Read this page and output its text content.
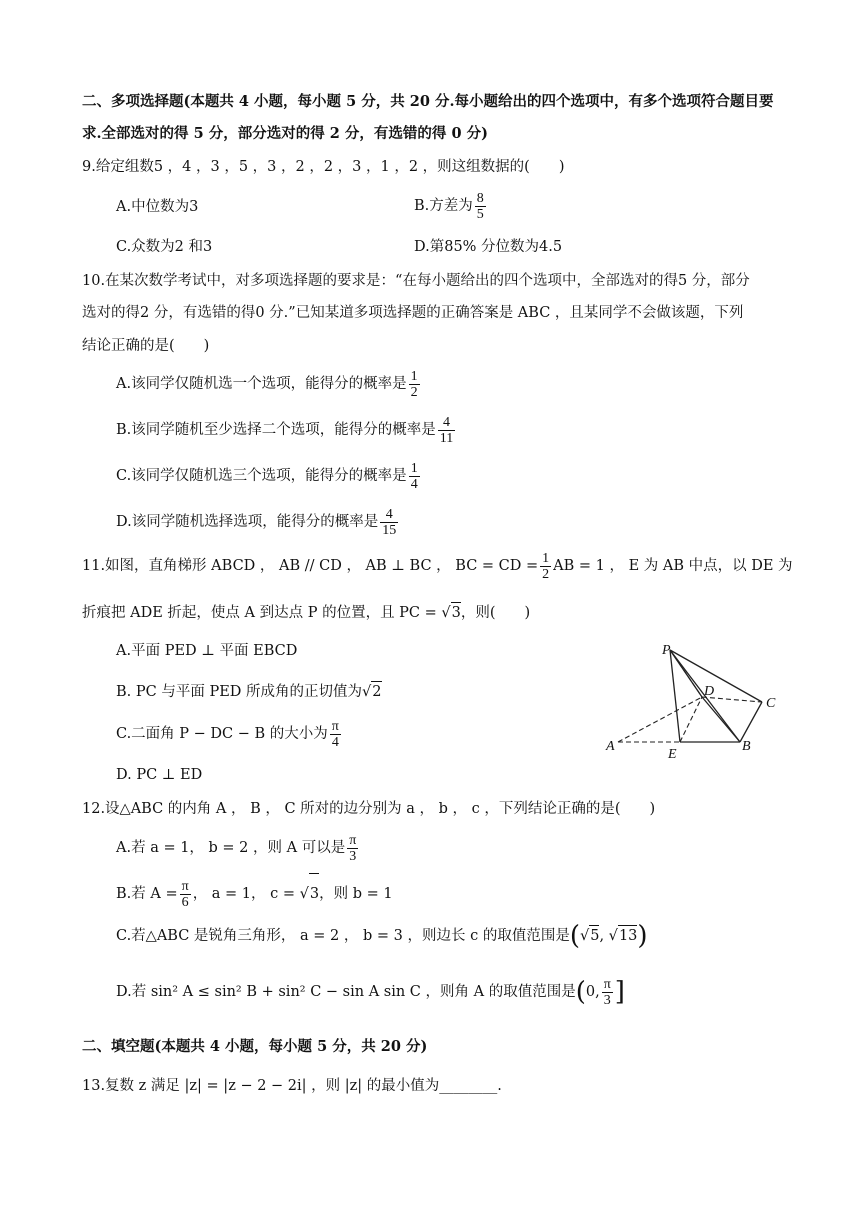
二、多项选择题(本题共 4 小题，每小题 5 分，共 20 分.每小题给出的四个选项中，有多个选项符合题目要
求.全部选对的得 5 分，部分选对的得 2 分，有选错的得 0 分)
9.给定组数5 ，4 ，3 ，5 ，3 ，2 ，2 ，3 ，1 ，2 ，则这组数据的(　　)
A.中位数为3	B.方差为 $\frac{8}{5}$
C.众数为2 和3	D.第85% 分位数为4.5
10.在某次数学考试中，对多项选择题的要求是：“在每小题给出的四个选项中，全部选对的得5 分，部分
选对的得2 分，有选错的得0 分.”已知某道多项选择题的正确答案是 ABC ，且某同学不会做该题，下列
结论正确的是(　　)
A.该同学仅随机选一个选项，能得分的概率是 $\frac{1}{2}$
B.该同学随机至少选择二个选项，能得分的概率是 $\frac{4}{11}$
C.该同学仅随机选三个选项，能得分的概率是 $\frac{1}{4}$
D.该同学随机选择选项，能得分的概率是 $\frac{4}{15}$
11.如图，直角梯形 ABCD ， AB // CD ， AB ⊥ BC ， BC = CD = $\frac{1}{2}$ AB = 1 ， E 为 AB 中点，以 DE 为
折痕把 ADE 折起，使点 A 到达点 P 的位置，且 PC = √3，则(　　)
A.平面 PED ⊥ 平面 EBCD
B. PC 与平面 PED 所成角的正切值为√2
C.二面角 P − DC − B 的大小为 $\frac{\pi}{4}$
D. PC ⊥ ED
P
D
C
A
E
B
12.设△ABC 的内角 A ， B ， C 所对的边分别为 a ， b ， c ，下列结论正确的是(　　)
A.若 a = 1， b = 2 ，则 A 可以是 $\frac{\pi}{3}$
B.若 $A = \frac{\pi}{6}$ ， a = 1， c = √3，则 b = 1
C.若△ABC 是锐角三角形， a = 2 ， b = 3 ，则边长 c 的取值范围是(√5, √13)
D.若 sin² A ≤ sin² B + sin² C − sin A sin C ，则角 A 的取值范围是(0, $\frac{\pi}{3}$ ]
二、填空题(本题共 4 小题，每小题 5 分，共 20 分)
13.复数 z 满足 |z| = |z − 2 − 2i| ，则 |z| 的最小值为________.
